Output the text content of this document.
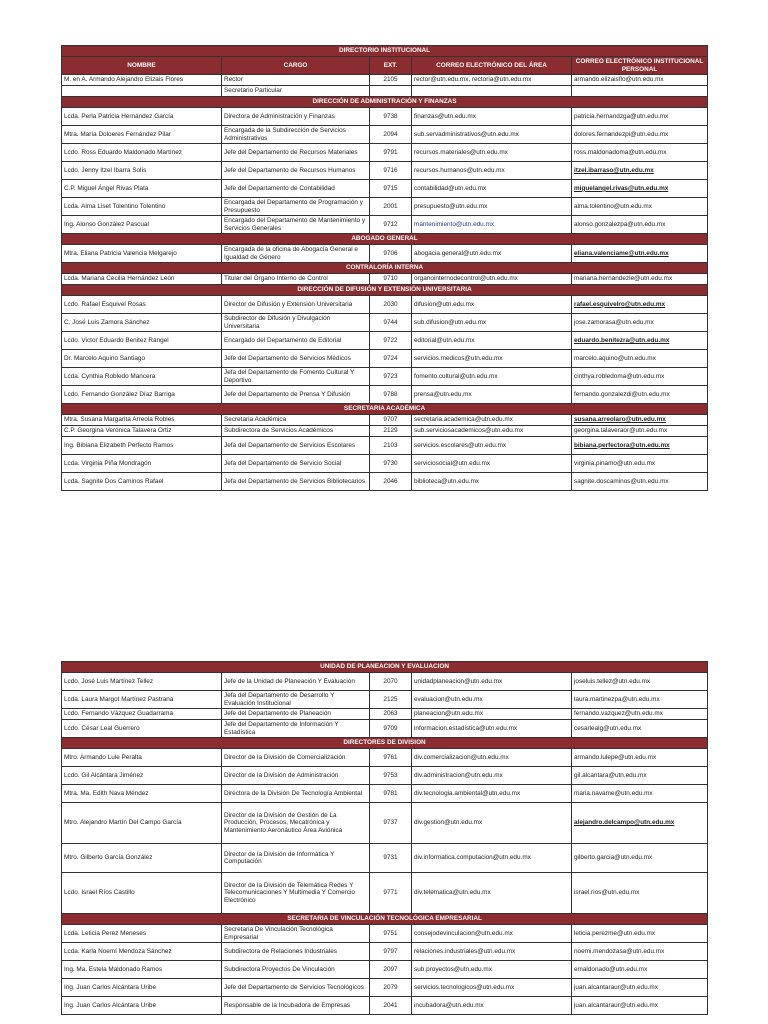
DIRECTORIO INSTITUCIONAL				
NOMBRE	CARGO	EXT.	CORREO ELECTRÓNICO DEL ÁREA	CORREO ELECTRÓNICO INSTITUCIONAL PERSONAL
M. en A. Armando Alejandro Elizais Flores	Rector	2105	rector@utn.edu.mx, rectoria@utn.edu.mx	armando.elizaisflo@utn.edu.mx
	Secretario Particular			
DIRECCIÓN DE ADMINISTRACIÓN Y FINANZAS				
Lcda. Perla Patricia Hernández García	Directora de Administración y Finanzas	9738	finanzas@utn.edu.mx	patricia.hernandzga@utn.edu.mx
Mtra. María Doloeres Fernández Pilar	Encargada de la Subdirección de Servicios Administrativos	2094	sub.servadministrativos@utn.edu.mx	dolores.fernandezpi@utn.edu.mx
Lcdo. Ross Eduardo Maldonado Martínez	Jefe del Departamento de Recursos Materiales	9791	recursos.materiales@utn.edu.mx	ross.maldonadoma@utn.edu.mx
Lcdo. Jenny Itzel Ibarra Solís	Jefe del Departamento de Recursos Humanos	9716	recursos.humanos@utn.edu.mx	itzel.ibarraso@utn.edu.mx
C.P. Miguel Ángel Rivas Plata	Jefe del Departamento de Contabilidad	9715	contabilidad@utn.edu.mx	miguelangel.rivas@utn.edu.mx
Lcda. Alma Liset Tolentino Tolentino	Encargada del Departamento de Programación y Presupuesto	2001	presupuesto@utn.edu.mx	alma.tolentino@utn.edu.mx
Ing. Alonso González Pascual	Encargado del Departamento de Mantenimiento y Servicios Generales	9712	mantenimiento@utn.edu.mx	alonso.gonzalezpa@utn.edu.mx
ABOGADO GENERAL				
Mtra. Eliana Patricia Valencia Melgarejo	Encargada de la oficina de Abogacía General e Igualdad de Género	9706	abogacia.general@utn.edu.mx	eliana.valenciame@utn.edu.mx
CONTRALORÍA INTERNA				
Lcda. Mariana Cecilia Hernández León	Titular del Órgano Interno de Control	9710	organointernodecontrol@utn.edu.mx	mariana.hernandezle@utn.edu.mx
DIRECCIÓN DE DIFUSIÓN Y EXTENSIÓN UNIVERSITARIA				
Lcdo. Rafael Esquivel Rosas	Director de Difusión y Extensión Universitaria	2030	difusion@utn.edu.mx	rafael.esquivelro@utn.edu.mx
C. José Luis Zamora Sánchez	Subdirector de Difusión y Divulgación Universitaria	9744	sub.difusion@utn.edu.mx	jose.zamorasa@utn.edu.mx
Lcdo. Victor Eduardo Benitez Rangel	Encargado del Departamento de Editorial	9722	editorial@utn.edu.mx	eduardo.benitezra@utn.edu.mx
Dr. Marcelo Aquino Santiago	Jefe del Departamento de Servicios Médicos	9724	servicios.medicos@utn.edu.mx	marcelo.aquino@utn.edu.mx
Lcda. Cynthia Robledo Mancera	Jefa del Departamento de Fomento Cultural Y Deportivo	9723	fomento.cultural@utn.edu.mx	cinthya.robledoma@utn.edu.mx
Lcdo. Fernando González Díaz Barriga	Jefe del Departamento de Prensa Y Difusión	9788	prensa@utn.edu.mx	fernando.gonzalezdi@utn.edu.mx
SECRETARIA ACADÉMICA				
Mtra. Susana Margarita Arreola Robles	Secretaria Académica	9707	secretaria.academica@utn.edu.mx	susana.arreolaro@utn.edu.mx
C.P. Georgina Verónica Talavera Ortiz	Subdirectora de Servicios Académicos	2129	sub.serviciosacademicos@utn.edu.mx	georgina.talaveraor@utn.edu.mx
Ing. Bibiana Elizabeth Perfecto Ramos	Jefa del Departamento de Servicios Escolares	2103	servicios.escolares@utn.edu.mx	bibiana.perfectora@utn.edu.mx
Lcda. Virginia Piña Mondragón	Jefa del Departamento de Servicio Social	9730	serviciosocial@utn.edu.mx	virginia.pinamo@utn.edu.mx
Lcda. Sagnite Dos Caminos Rafael	Jefa del Departamento de Servicios Bibliotecarios	2046	biblioteca@utn.edu.mx	sagnite.doscaminos@utn.edu.mx
UNIDAD DE PLANEACION Y EVALUACION				
Lcdo. José Luis Martínez Tellez	Jefe de la Unidad de Planeación Y Evaluación	2070	unidadplaneacion@utn.edu.mx	joseluis.tellez@utn.edu.mx
Lcda. Laura Margot Martínez Pastrana	Jefa del Departamento de Desarrollo Y Evaluación Institucional	2125	evaluacion@utn.edu.mx	laura.martinezpa@utn.edu.mx
Lcdo. Fernando Vázquez Guadarrama	Jefe del Departamento de Planeación	2063	planeacion@utn.edu.mx	fernando.vazquez@utn.edu.mx
Lcdo. César Leal Guerrero	Jefe del Departamento de Información Y Estadística	9709	informacion.estadistica@utn.edu.mx	cesarlealg@utn.edu.mx
DIRECTORES DE DIVISION				
Mtro. Armando Lule Peralta	Director de la División de Comercialización	9761	div.comercializacion@utn.edu.mx	armando.lulepe@utn.edu.mx
Lcdo. Gil Alcántara Jiménez	Director de la División de Administración	9753	div.administracion@utn.edu.mx	gil.alcantara@utn.edu.mx
Mtra. Ma. Edith Nava Méndez	Directora de la División De Tecnología Ambiental	9781	div.tecnologia.ambiental@utn.edu.mx	maria.navame@utn.edu.mx
Mtro. Alejandro Martín Del Campo García	Director de la División de Gestión de La Producción, Procesos, Mecatrónica y Mantenimiento Aeronáutico Área Aviónica	9737	div.gestion@utn.edu.mx	alejandro.delcampo@utn.edu.mx
Mtro. Gilberto García González	Director de la División de Informática Y Computación	9731	div.informatica.computacion@utn.edu.mx	gilberto.garcia@utn.edu.mx
Lcdo. Israel Ríos Castillo	Director de la División de Telemática Redes Y Telecomunicaciones Y Multimedia Y Comercio Electrónico	9771	div.telematica@utn.edu.mx	israel.rios@utn.edu.mx
SECRETARIA DE VINCULACIÓN TECNOLÓGICA EMPRESARIAL				
Lcda. Leticia Perez Meneses	Secretaria De Vinculación Tecnológica Empresarial	9751	consejodevinculacion@utn.edu.mx	leticia.perezme@utn.edu.mx
Lcda. Karla Noemí Mendoza Sánchez	Subdirectora de Relaciones Industriales	9797	relaciones.industriales@utn.edu.mx	noemi.mendozasa@utn.edu.mx
Ing. Ma. Estela Maldonado Ramos	Subdirectora Proyectos De Vinculación	2097	sub.proyectos@utn.edu.mx	emaldonado@utn.edu.mx
Ing. Juan Carlos Alcántara Uribe	Jefe del Departamento de Servicios Tecnológicos	2079	servicios.tecnologicos@utn.edu.mx	juan.alcantaraur@utn.edu.mx
Ing. Juan Carlos Alcántara Uribe	Responsable de la Incubadora de Empresas	2041	incubadora@utn.edu.mx	juan.alcantaraur@utn.edu.mx
